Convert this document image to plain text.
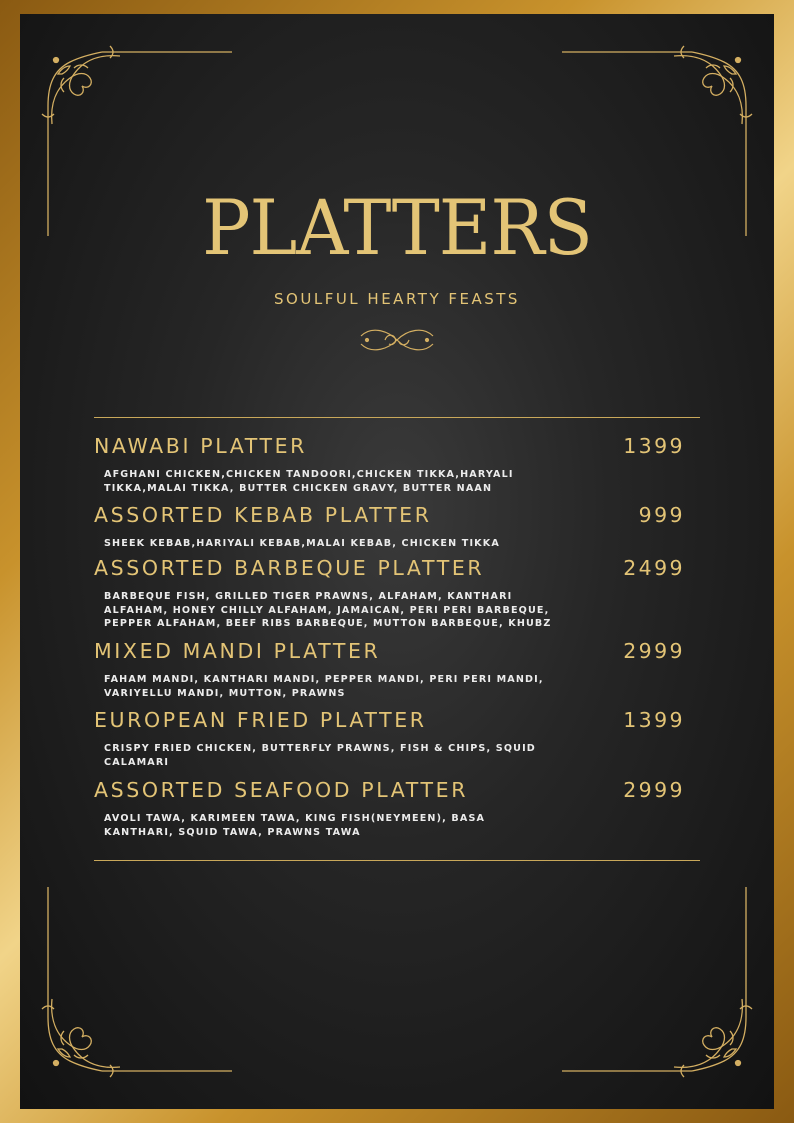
PLATTERS
SOULFUL HEARTY FEASTS
NAWABI PLATTER	1399
AFGHANI CHICKEN,CHICKEN TANDOORI,CHICKEN TIKKA,HARYALI TIKKA,MALAI TIKKA, BUTTER CHICKEN GRAVY, BUTTER NAAN
ASSORTED KEBAB PLATTER	999
SHEEK KEBAB,HARIYALI KEBAB,MALAI KEBAB, CHICKEN TIKKA
ASSORTED BARBEQUE PLATTER	2499
BARBEQUE FISH, GRILLED TIGER PRAWNS, ALFAHAM, KANTHARI ALFAHAM, HONEY CHILLY ALFAHAM, JAMAICAN, PERI PERI BARBEQUE, PEPPER ALFAHAM, BEEF RIBS BARBEQUE, MUTTON BARBEQUE, KHUBZ
MIXED MANDI PLATTER	2999
FAHAM MANDI, KANTHARI MANDI, PEPPER MANDI, PERI PERI MANDI, VARIYELLU MANDI, MUTTON, PRAWNS
EUROPEAN FRIED PLATTER	1399
CRISPY FRIED CHICKEN, BUTTERFLY PRAWNS, FISH & CHIPS, SQUID CALAMARI
ASSORTED SEAFOOD PLATTER	2999
AVOLI TAWA, KARIMEEN TAWA, KING FISH(NEYMEEN), BASA KANTHARI, SQUID TAWA, PRAWNS TAWA
